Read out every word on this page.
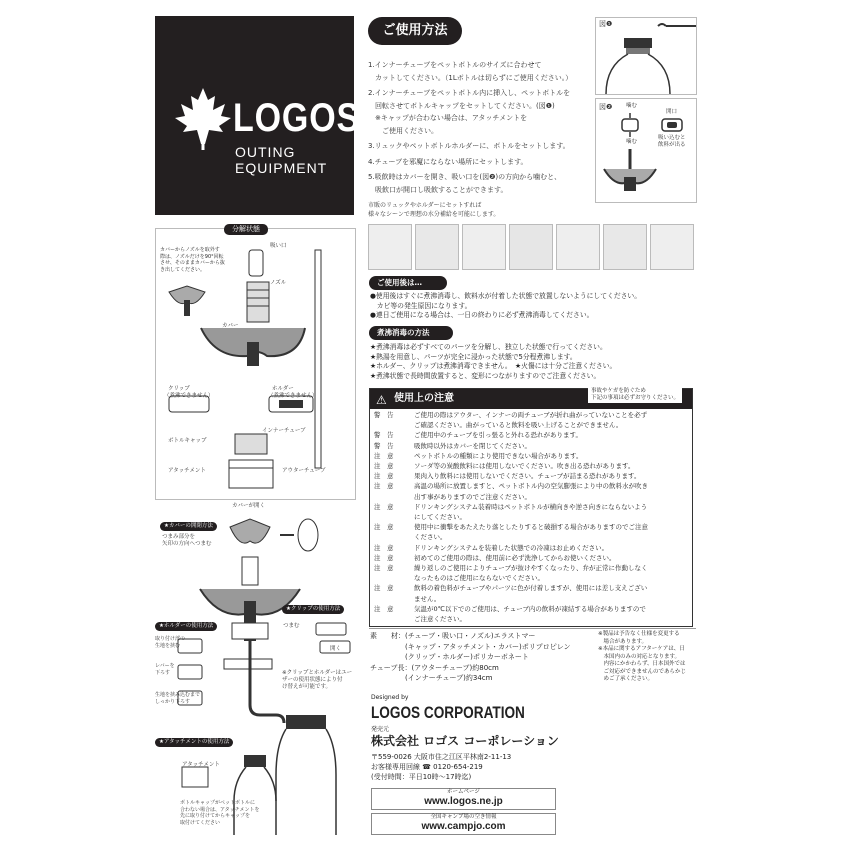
LOGOS
OUTING EQUIPMENT
ご使用方法

1.インナーチューブをペットボトルのサイズに合わせて

　カットしてください。（1Lボトルは切らずにご使用ください。）

2.インナーチューブをペットボトル内に挿入し、ペットボトルを

　回転させてボトルキャップをセットしてください。(図❶)

　※キャップが合わない場合は、アタッチメントを

　　ご使用ください。

3.リュックやペットボトルホルダーに、ボトルをセットします。

4.チューブを邪魔にならない場所にセットします。

5.吸飲時はカバーを開き、吸い口を(図❷)の方向から噛むと、

　吸飲口が開口し吸飲することができます。

図❶
図❷ 噛む
噛む
開口
吸い込むと
飲料が出る
市販のリュックやホルダーにセットすれば
様々なシーンで理想の水分補給を可能にします。
ご使用後は…
●使用後はすぐに煮沸消毒し、飲料水が付着した状態で放置しないようにしてください。
　カビ等の発生原因になります。
●連日ご使用になる場合は、一日の終わりに必ず煮沸消毒してください。
煮沸消毒の方法
★煮沸消毒は必ずすべてのパーツを分解し、独立した状態で行ってください。
★熱湯を用意し、パーツが完全に浸かった状態で5分程煮沸します。
★ホルダー、クリップは煮沸消毒できません。　★火傷には十分ご注意ください。
★煮沸状態で長時間放置すると、変形につながりますのでご注意ください。
⚠ 使用上の注意
事故やケガを防ぐため
下記の事項は必ずお守りください。
警　告	ご使用の際はアウター、インナーの両チューブが折れ曲がっていないことを必ず
ご確認ください。曲がっていると飲料を吸い上げることができません。
警　告	ご使用中のチューブを引っ張ると外れる恐れがあります。
警　告	吸飲時以外はカバーを閉じてください。
注　意	ペットボトルの種類により使用できない場合があります。
注　意	ソーダ等の炭酸飲料には使用しないでください。吹き出る恐れがあります。
注　意	果肉入り飲料には使用しないでください。チューブが詰まる恐れがあります。
注　意	高温の場所に放置しますと、ペットボトル内の空気膨張により中の飲料水が吹き
出す事がありますのでご注意ください。
注　意	ドリンキングシステム装着時はペットボトルが横向きや逆さ向きにならないよう
にしてください。
注　意	使用中に衝撃をあたえたり落としたりすると破損する場合がありますのでご注意
ください。
注　意	ドリンキングシステムを装着した状態での冷凍はお止めください。
注　意	初めてのご使用の際は、使用前に必ず洗浄してからお使いください。
注　意	繰り返しのご使用によりチューブが抜けやすくなったり、弁が正常に作動しなく
なったものはご使用にならないでください。
注　意	飲料の着色料がチューブやパーツに色が付着しますが、使用には差し支えござい
ません。
注　意	気温が0℃以下でのご使用は、チューブ内の飲料が凍結する場合がありますので
ご注意ください。
分解状態
カバーからノズルを取外す
際は、ノズルだけを90°回転
させ、そのままカバーから抜
き出してください。
吸い口
ノズル
カバー
クリップ
（煮沸できません）
ホルダー
（煮沸できません）
ボトルキャップ
インナーチューブ
アタッチメント	アウターチューブ
カバーが開く
★カバーの開閉方法
つまみ部分を
矢印の方向へつまむ
★ホルダーの使用方法
取り付け部の
生地を挟む
レバーを
下ろす
生地を挟み込むまで
しっかり下ろす
★クリップの使用方法
つまむ
開く
※クリップとホルダーはユー
ザーの使用状態により付
け替えが可能です。
★アタッチメントの使用方法
アタッチメント
ボトルキャップがペットボトルに
合わない場合は、アタッチメントを
先に取り付けてからキャップを
取付けてください
素　　材：(チューブ・吸い口・ノズル)エラストマー
　　　　　(キャップ・アタッチメント・カバー)ポリプロピレン
　　　　　(クリップ・ホルダー)ポリカーボネート
チューブ長：(アウターチューブ)約80cm
　　　　　(インナーチューブ)約34cm
※製品は予告なく仕様を変更する
　場合があります。
※本品に関するアフターケアは、日
　本国内のみの対応となります。
　内容にかかわらず、日本国外では
　ご対応ができませんのであらかじ
　めご了承ください。
Designed by
LOGOS CORPORATION
発売元
株式会社 ロゴス コーポレーション
〒559-0026 大阪市住之江区平林南2-11-13
お客様専用回線 ☎ 0120-654-219
(受付時間：平日10時～17時迄)
ホームページ
www.logos.ne.jp
全国キャンプ場の空き情報
www.campjo.com
